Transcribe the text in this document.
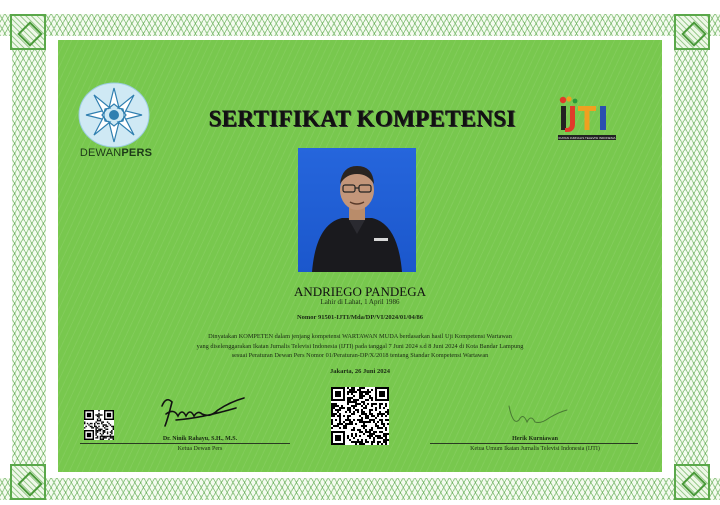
DEWANPERS
SERTIFIKAT KOMPETENSI
IKATAN JURNALIS TELEVISI INDONESIA
ANDRIEGO PANDEGA
Lahir di Lahat, 1 April 1986
Nomor 91501-IJTI/Mda/DP/VI/2024/01/04/86
Dinyatakan KOMPETEN dalam jenjang kompetensi WARTAWAN MUDA berdasarkan hasil Uji Kompetensi Wartawan
yang diselenggarakan Ikatan Jurnalis Televisi Indonesia (IJTI) pada tanggal 7 Juni 2024 s.d 8 Juni 2024 di Kota Bandar Lampung
sesuai Peraturan Dewan Pers Nomor 01/Peraturan-DP/X/2018 tentang Standar Kompetensi Wartawan
Jakarta, 26 Juni 2024
Dr. Ninik Rahayu, S.H., M.S.
Ketua Dewan Pers
Herik Kurniawan
Ketua Umum Ikatan Jurnalis Televisi Indonesia (IJTI)
